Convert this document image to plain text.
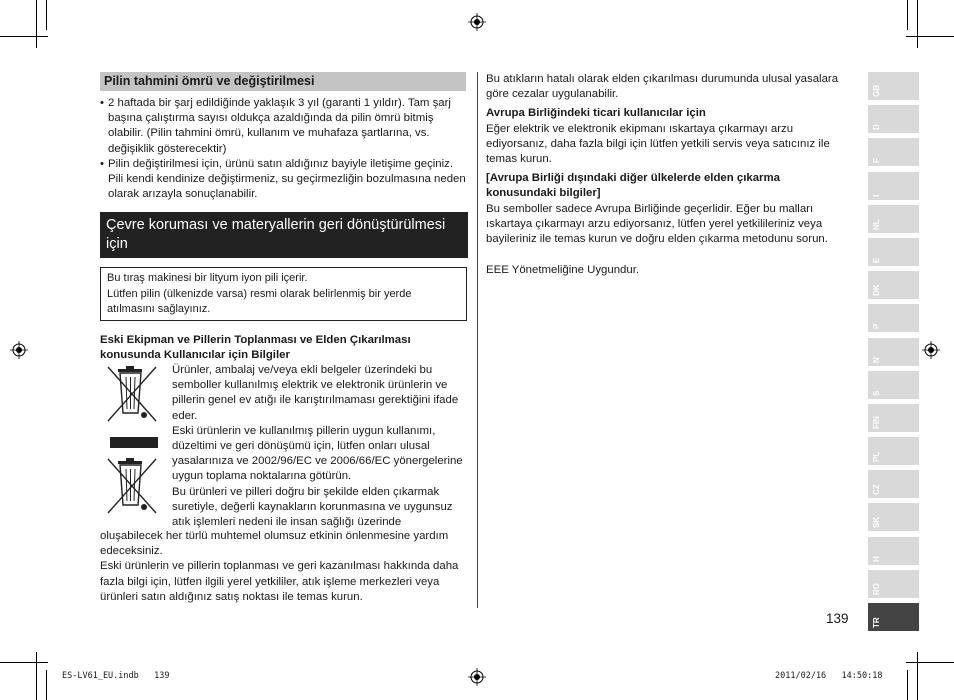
Pilin tahmini ömrü ve değiştirilmesi
• 2 haftada bir şarj edildiğinde yaklaşık 3 yıl (garanti 1 yıldır). Tam şarj başına çalıştırma sayısı oldukça azaldığında da pilin ömrü bitmiş olabilir. (Pilin tahmini ömrü, kullanım ve muhafaza şartlarına, vs. değişiklik gösterecektir)
• Pilin değiştirilmesi için, ürünü satın aldığınız bayiyle iletişime geçiniz. Pili kendi kendinize değiştirmeniz, su geçirmezliğin bozulmasına neden olarak arızayla sonuçlanabilir.
Çevre koruması ve materyallerin geri dönüştürülmesi için

Bu tıraş makinesi bir lityum iyon pili içerir.

Lütfen pilin (ülkenizde varsa) resmi olarak belirlenmiş bir yerde atılmasını sağlayınız.

Eski Ekipman ve Pillerin Toplanması ve Elden Çıkarılması konusunda Kullanıcılar için Bilgiler

Ürünler, ambalaj ve/veya ekli belgeler üzerindeki bu semboller kullanılmış elektrik ve elektronik ürünlerin ve pillerin genel ev atığı ile karıştırılmaması gerektiğini ifade eder.

Eski ürünlerin ve kullanılmış pillerin uygun kullanımı, düzeltimi ve geri dönüşümü için, lütfen onları ulusal yasalarınıza ve 2002/96/EC ve 2006/66/EC yönergelerine uygun toplama noktalarına götürün.

Bu ürünleri ve pilleri doğru bir şekilde elden çıkarmak suretiyle, değerli kaynakların korunmasına ve uygunsuz atık işlemleri nedeni ile insan sağlığı üzerinde

oluşabilecek her türlü muhtemel olumsuz etkinin önlenmesine yardım edeceksiniz.

Eski ürünlerin ve pillerin toplanması ve geri kazanılması hakkında daha fazla bilgi için, lütfen ilgili yerel yetkililer, atık işleme merkezleri veya ürünleri satın aldığınız satış noktası ile temas kurun.

Bu atıkların hatalı olarak elden çıkarılması durumunda ulusal yasalara göre cezalar uygulanabilir.

Avrupa Birliğindeki ticari kullanıcılar için

Eğer elektrik ve elektronik ekipmanı ıskartaya çıkarmayı arzu ediyorsanız, daha fazla bilgi için lütfen yetkili servis veya satıcınız ile temas kurun.

[Avrupa Birliği dışındaki diğer ülkelerde elden çıkarma konusundaki bilgiler]

Bu semboller sadece Avrupa Birliğinde geçerlidir. Eğer bu malları ıskartaya çıkarmayı arzu ediyorsanız, lütfen yerel yetkilileriniz veya bayileriniz ile temas kurun ve doğru elden çıkarma metodunu sorun.

EEE Yönetmeliğine Uygundur.

GB
D
F
I
NL
E
DK
P
N
S
FIN
PL
CZ
SK
H
RO
TR
139
ES-LV61_EU.indb   139	2011/02/16   14:50:18
